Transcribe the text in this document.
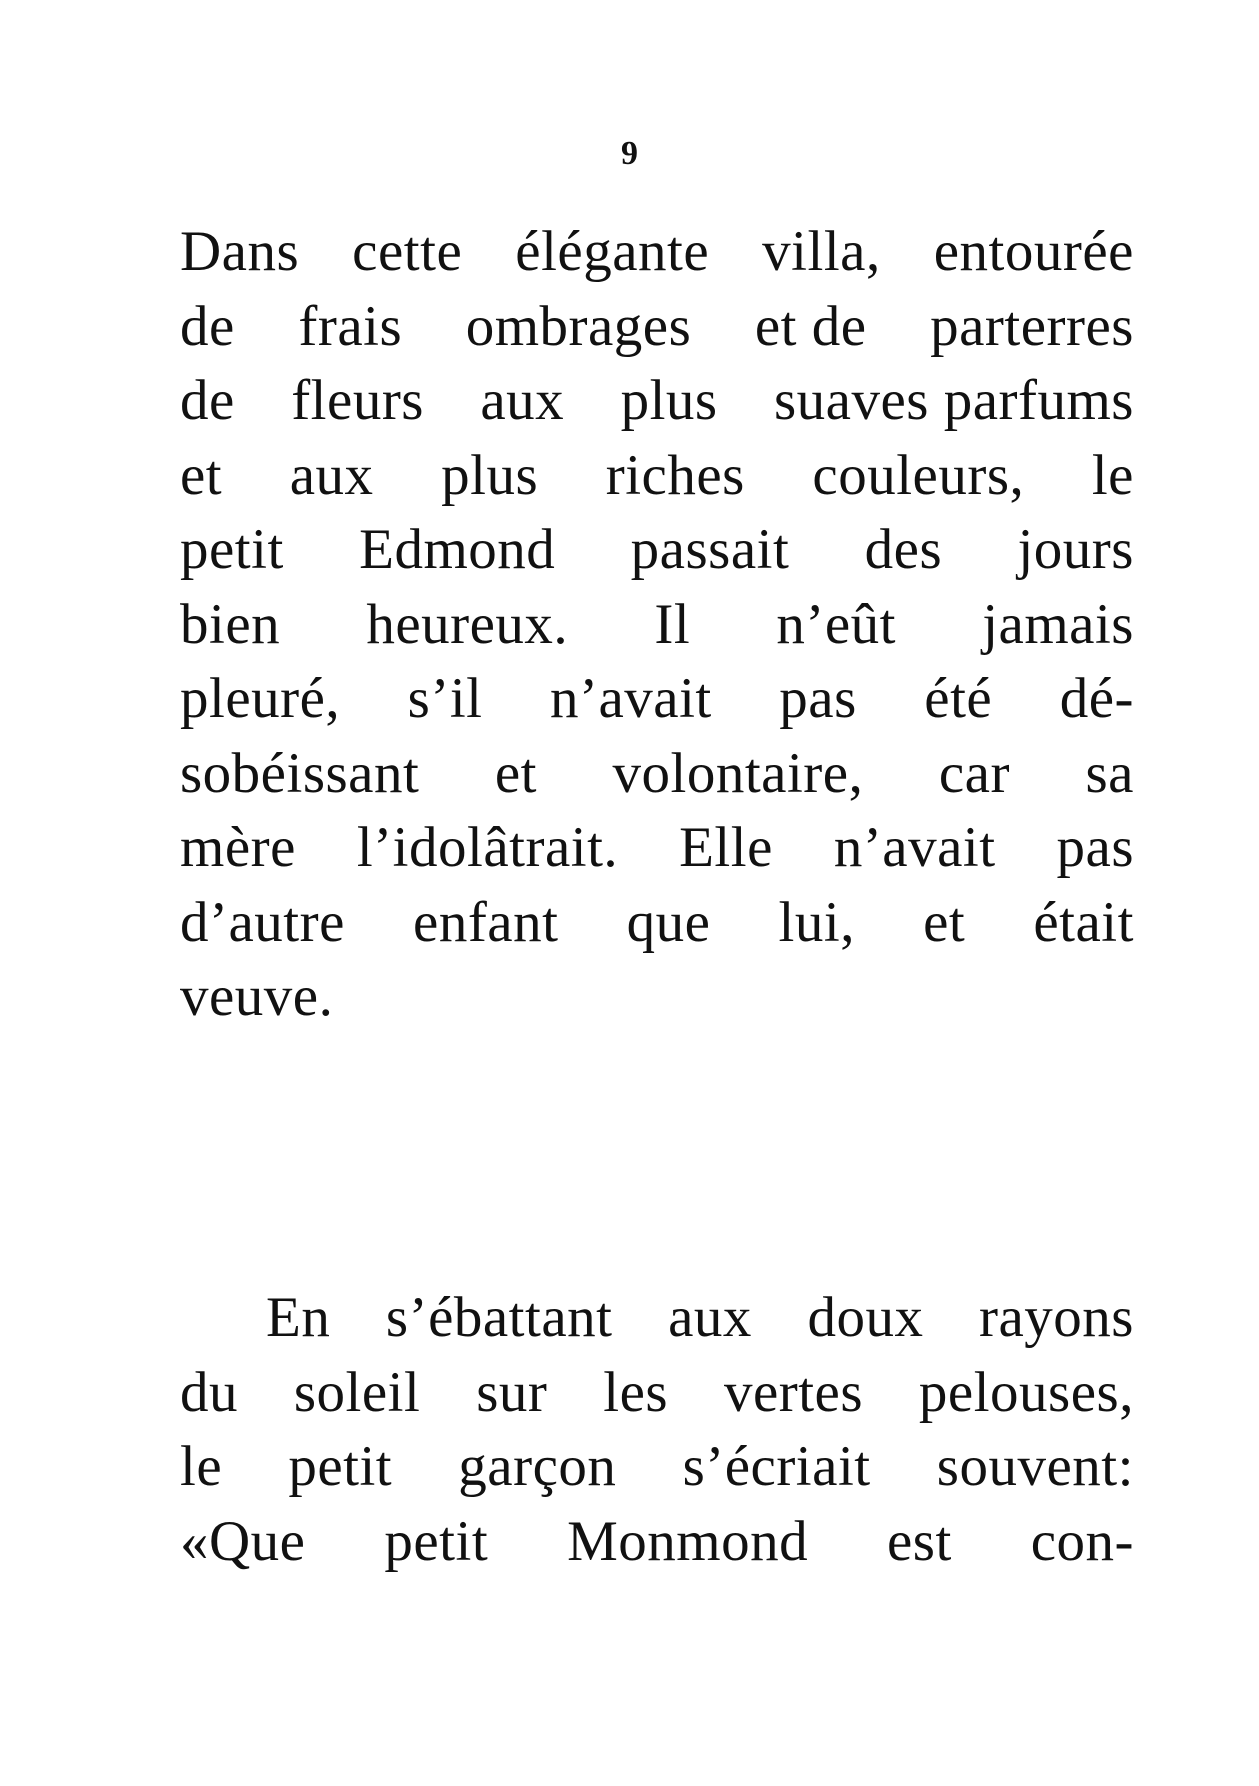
9
Dans cette élégante villa, entourée
de frais ombrages et de parterres
de fleurs aux plus suaves parfums
et aux plus riches couleurs, le
petit Edmond passait des jours
bien heureux. Il n’eût jamais
pleuré, s’il n’avait pas été dé-
sobéissant et volontaire, car sa
mère l’idolâtrait. Elle n’avait pas
d’autre enfant que lui, et était
veuve.
En s’ébattant aux doux rayons
du soleil sur les vertes pelouses,
le petit garçon s’écriait souvent:
«Que petit Monmond est con-
